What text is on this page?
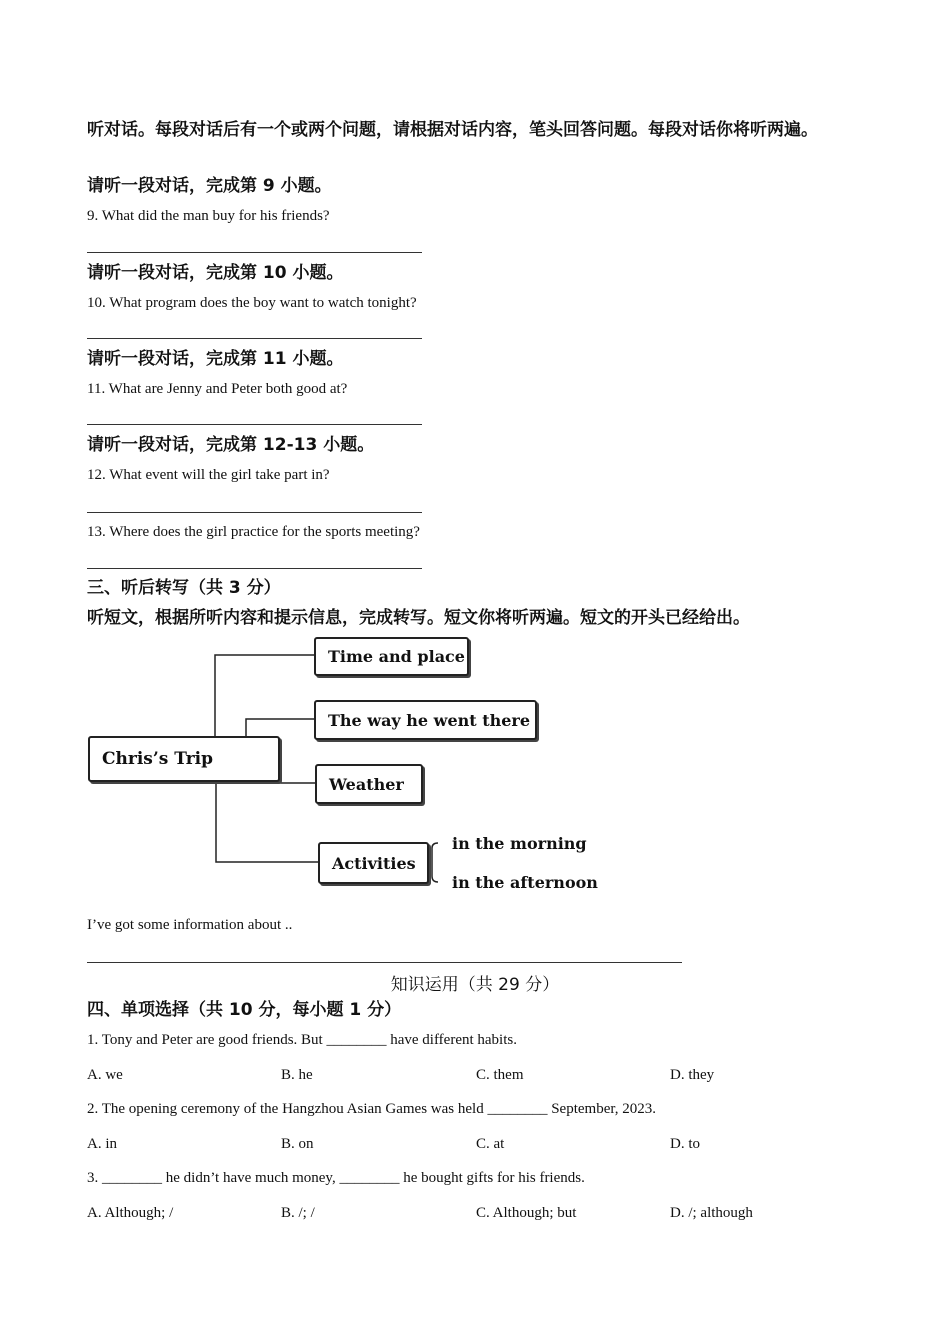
听对话。每段对话后有一个或两个问题，请根据对话内容，笔头回答问题。每段对话你将听两遍。
请听一段对话，完成第 9 小题。
9. What did the man buy for his friends?
请听一段对话，完成第 10 小题。
10. What program does the boy want to watch tonight?
请听一段对话，完成第 11 小题。
11. What are Jenny and Peter both good at?
请听一段对话，完成第 12-13 小题。
12. What event will the girl take part in?
13. Where does the girl practice for the sports meeting?
三、听后转写（共 3 分）
听短文，根据所听内容和提示信息，完成转写。短文你将听两遍。短文的开头已经给出。
Chris’s Trip
Time and place
The way he went there
Weather
Activities
in the morning
in the afternoon
I’ve got some information about ..
知识运用（共 29 分）
四、单项选择（共 10 分，每小题 1 分）
1. Tony and Peter are good friends. But ________ have different habits.
A. we	B. he	C. them	D. they
2. The opening ceremony of the Hangzhou Asian Games was held ________ September, 2023.
A. in	B. on	C. at	D. to
3. ________ he didn’t have much money, ________ he bought gifts for his friends.
A. Although; /	B. /; /	C. Although; but	D. /; although
